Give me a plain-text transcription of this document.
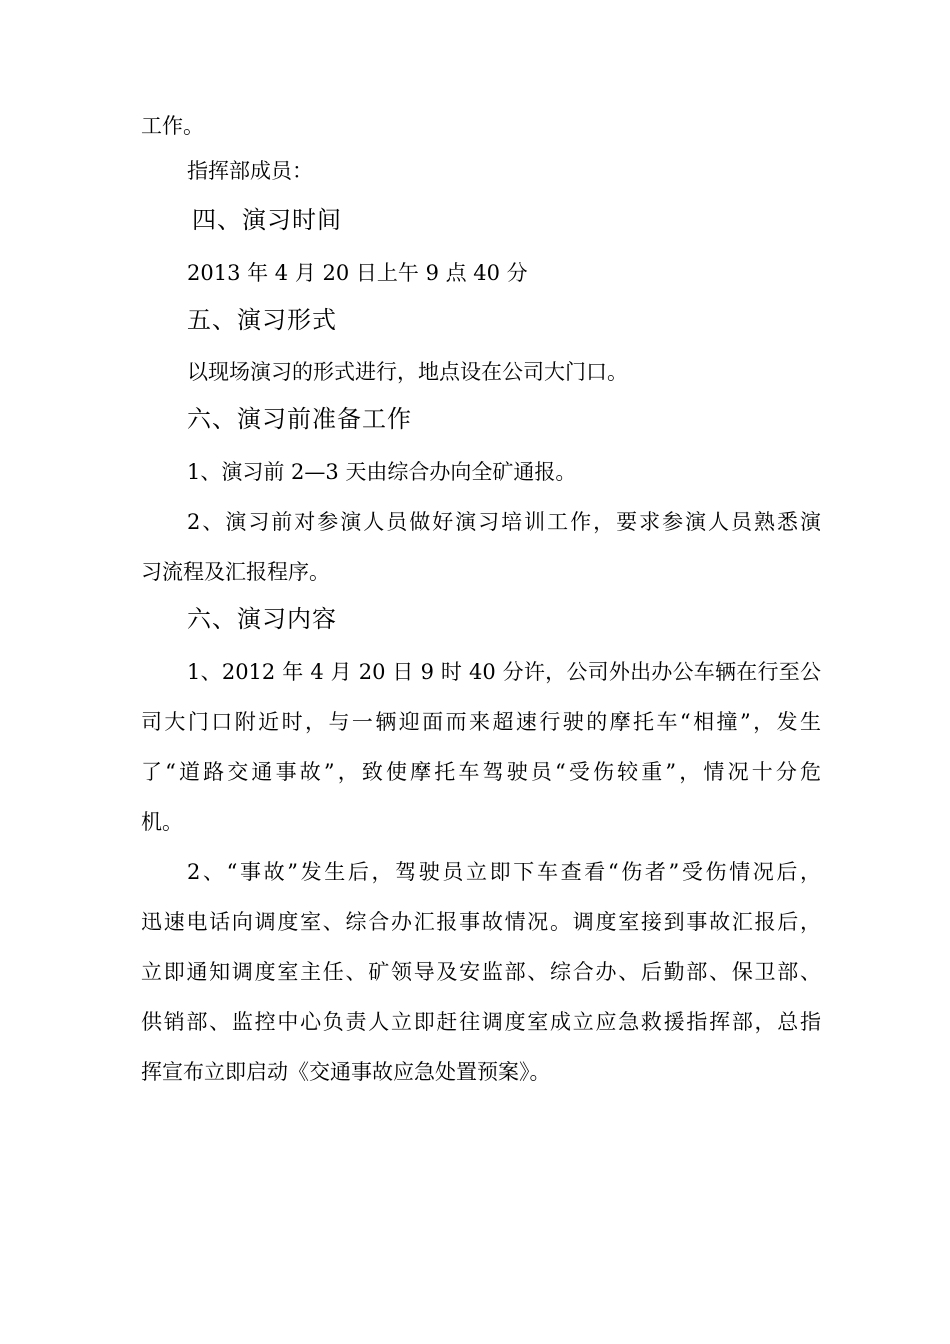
工作。

指挥部成员：

四、演习时间

2013 年 4 月 20 日上午 9 点 40 分

五、演习形式

以现场演习的形式进行，地点设在公司大门口。

六、演习前准备工作

1、演习前 2—3 天由综合办向全矿通报。

2、演习前对参演人员做好演习培训工作，要求参演人员熟悉演

习流程及汇报程序。

六、演习内容

1、2012 年 4 月 20 日 9 时 40 分许，公司外出办公车辆在行至公

司大门口附近时，与一辆迎面而来超速行驶的摩托车“相撞”，发生

了“道路交通事故”，致使摩托车驾驶员“受伤较重”，情况十分危

机。

2、“事故”发生后，驾驶员立即下车查看“伤者”受伤情况后，

迅速电话向调度室、综合办汇报事故情况。调度室接到事故汇报后，

立即通知调度室主任、矿领导及安监部、综合办、后勤部、保卫部、

供销部、监控中心负责人立即赶往调度室成立应急救援指挥部，总指

挥宣布立即启动《交通事故应急处置预案》。
